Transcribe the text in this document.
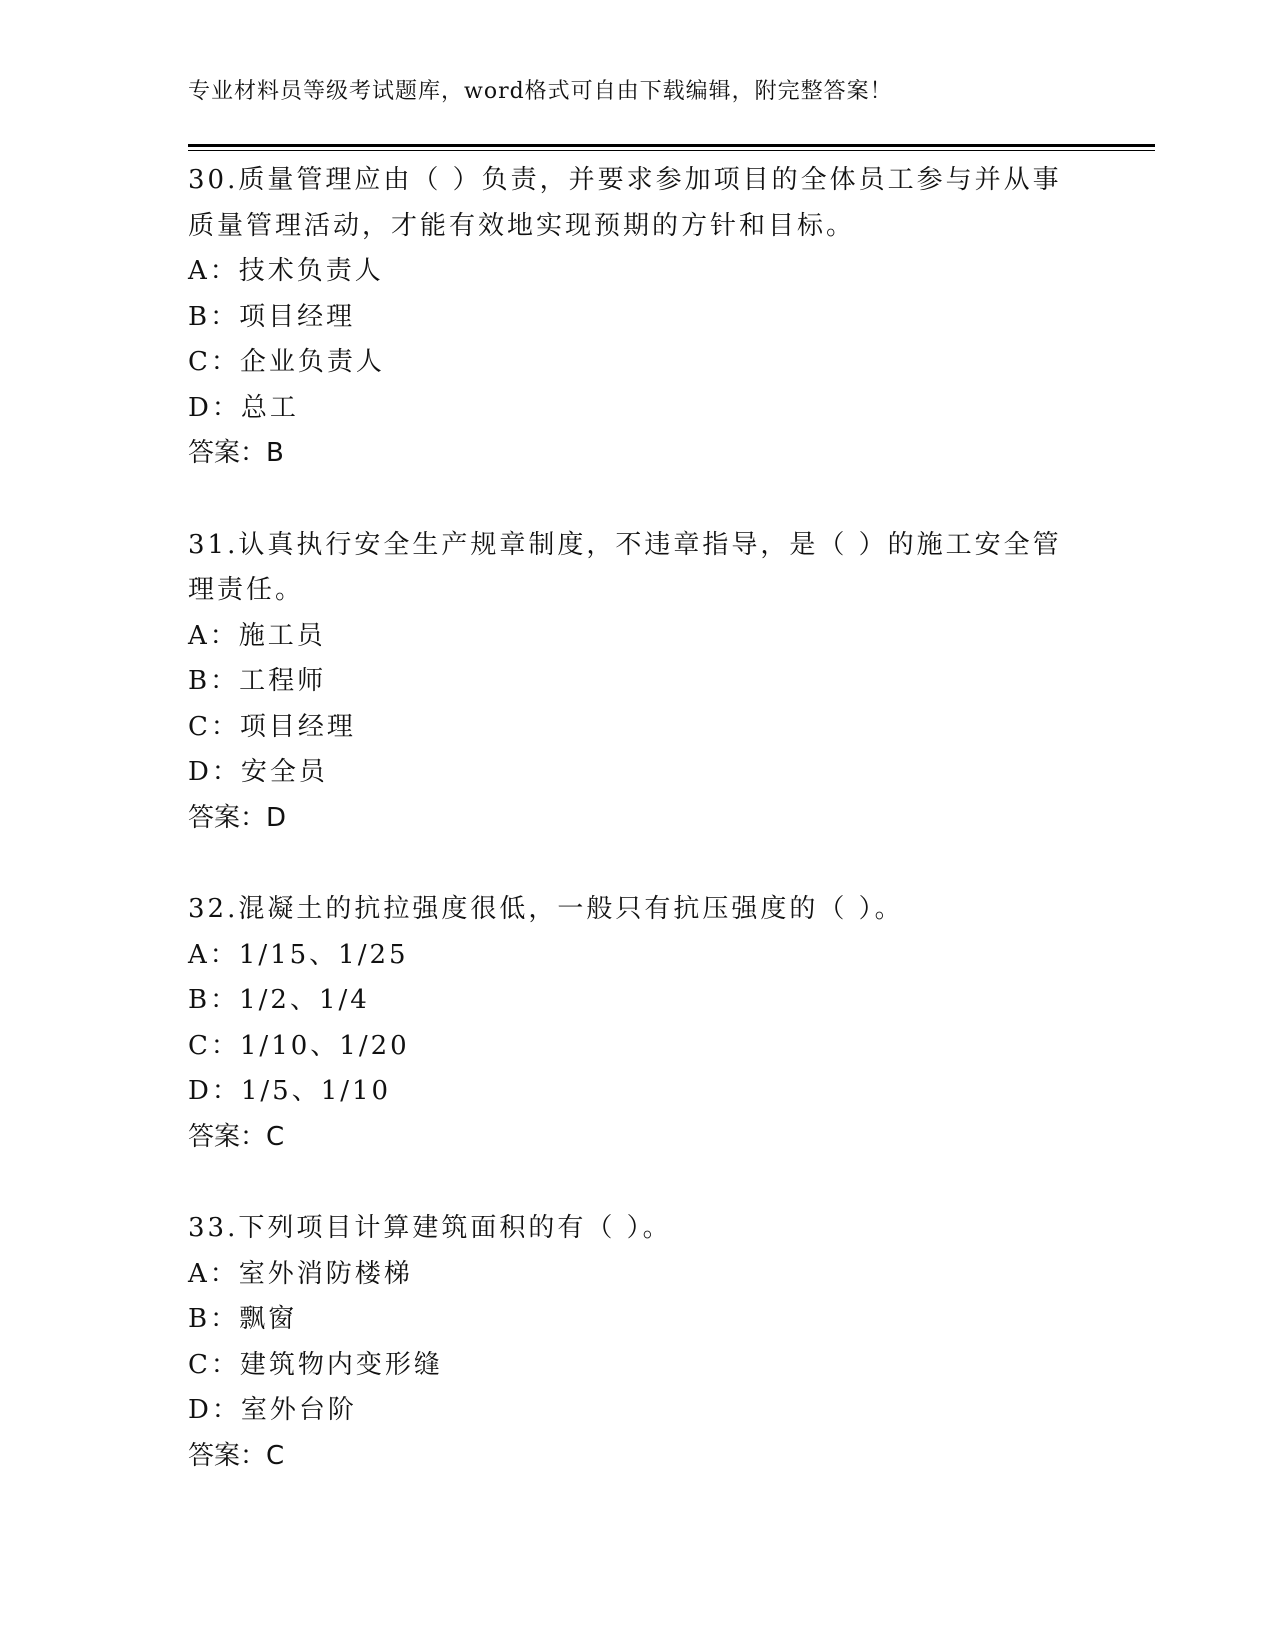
专业材料员等级考试题库，word格式可自由下载编辑，附完整答案！

30.质量管理应由（ ）负责，并要求参加项目的全体员工参与并从事质量管理活动，才能有效地实现预期的方针和目标。

A：技术负责人

B：项目经理

C：企业负责人

D：总工

答案：B

31.认真执行安全生产规章制度，不违章指导，是（ ）的施工安全管理责任。

A：施工员

B：工程师

C：项目经理

D：安全员

答案：D

32.混凝土的抗拉强度很低，一般只有抗压强度的（ ）。

A：1/15、1/25

B：1/2、1/4

C：1/10、1/20

D：1/5、1/10

答案：C

33.下列项目计算建筑面积的有（ ）。

A：室外消防楼梯

B：飘窗

C：建筑物内变形缝

D：室外台阶

答案：C
